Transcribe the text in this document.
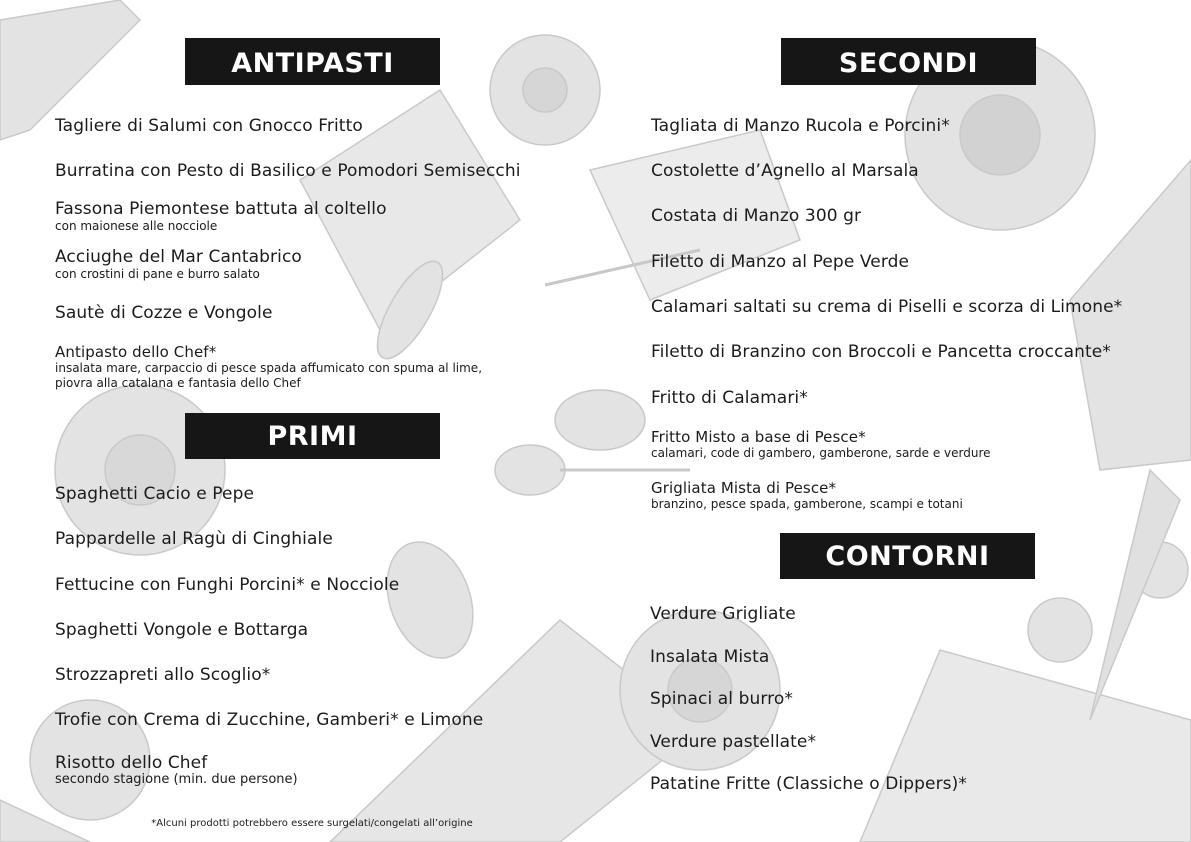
ANTIPASTI
Tagliere di Salumi con Gnocco Fritto
Burratina con Pesto di Basilico e Pomodori Semisecchi
Fassona Piemontese battuta al coltello
con maionese alle nocciole
Acciughe del Mar Cantabrico
con crostini di pane e burro salato
Sautè di Cozze e Vongole
Antipasto dello Chef*
insalata mare, carpaccio di pesce spada affumicato con spuma al lime,
piovra alla catalana e fantasia dello Chef
PRIMI
Spaghetti Cacio e Pepe
Pappardelle al Ragù di Cinghiale
Fettucine con Funghi Porcini* e Nocciole
Spaghetti Vongole e Bottarga
Strozzapreti allo Scoglio*
Trofie con Crema di Zucchine, Gamberi* e Limone
Risotto dello Chef
secondo stagione (min. due persone)
*Alcuni prodotti potrebbero essere surgelati/congelati all’origine
SECONDI
Tagliata di Manzo Rucola e Porcini*
Costolette d’Agnello al Marsala
Costata di Manzo 300 gr
Filetto di Manzo al Pepe Verde
Calamari saltati su crema di Piselli e scorza di Limone*
Filetto di Branzino con Broccoli e Pancetta croccante*
Fritto di Calamari*
Fritto Misto a base di Pesce*
calamari, code di gambero, gamberone, sarde e verdure
Grigliata Mista di Pesce*
branzino, pesce spada, gamberone, scampi e totani
CONTORNI
Verdure Grigliate
Insalata Mista
Spinaci al burro*
Verdure pastellate*
Patatine Fritte (Classiche o Dippers)*
